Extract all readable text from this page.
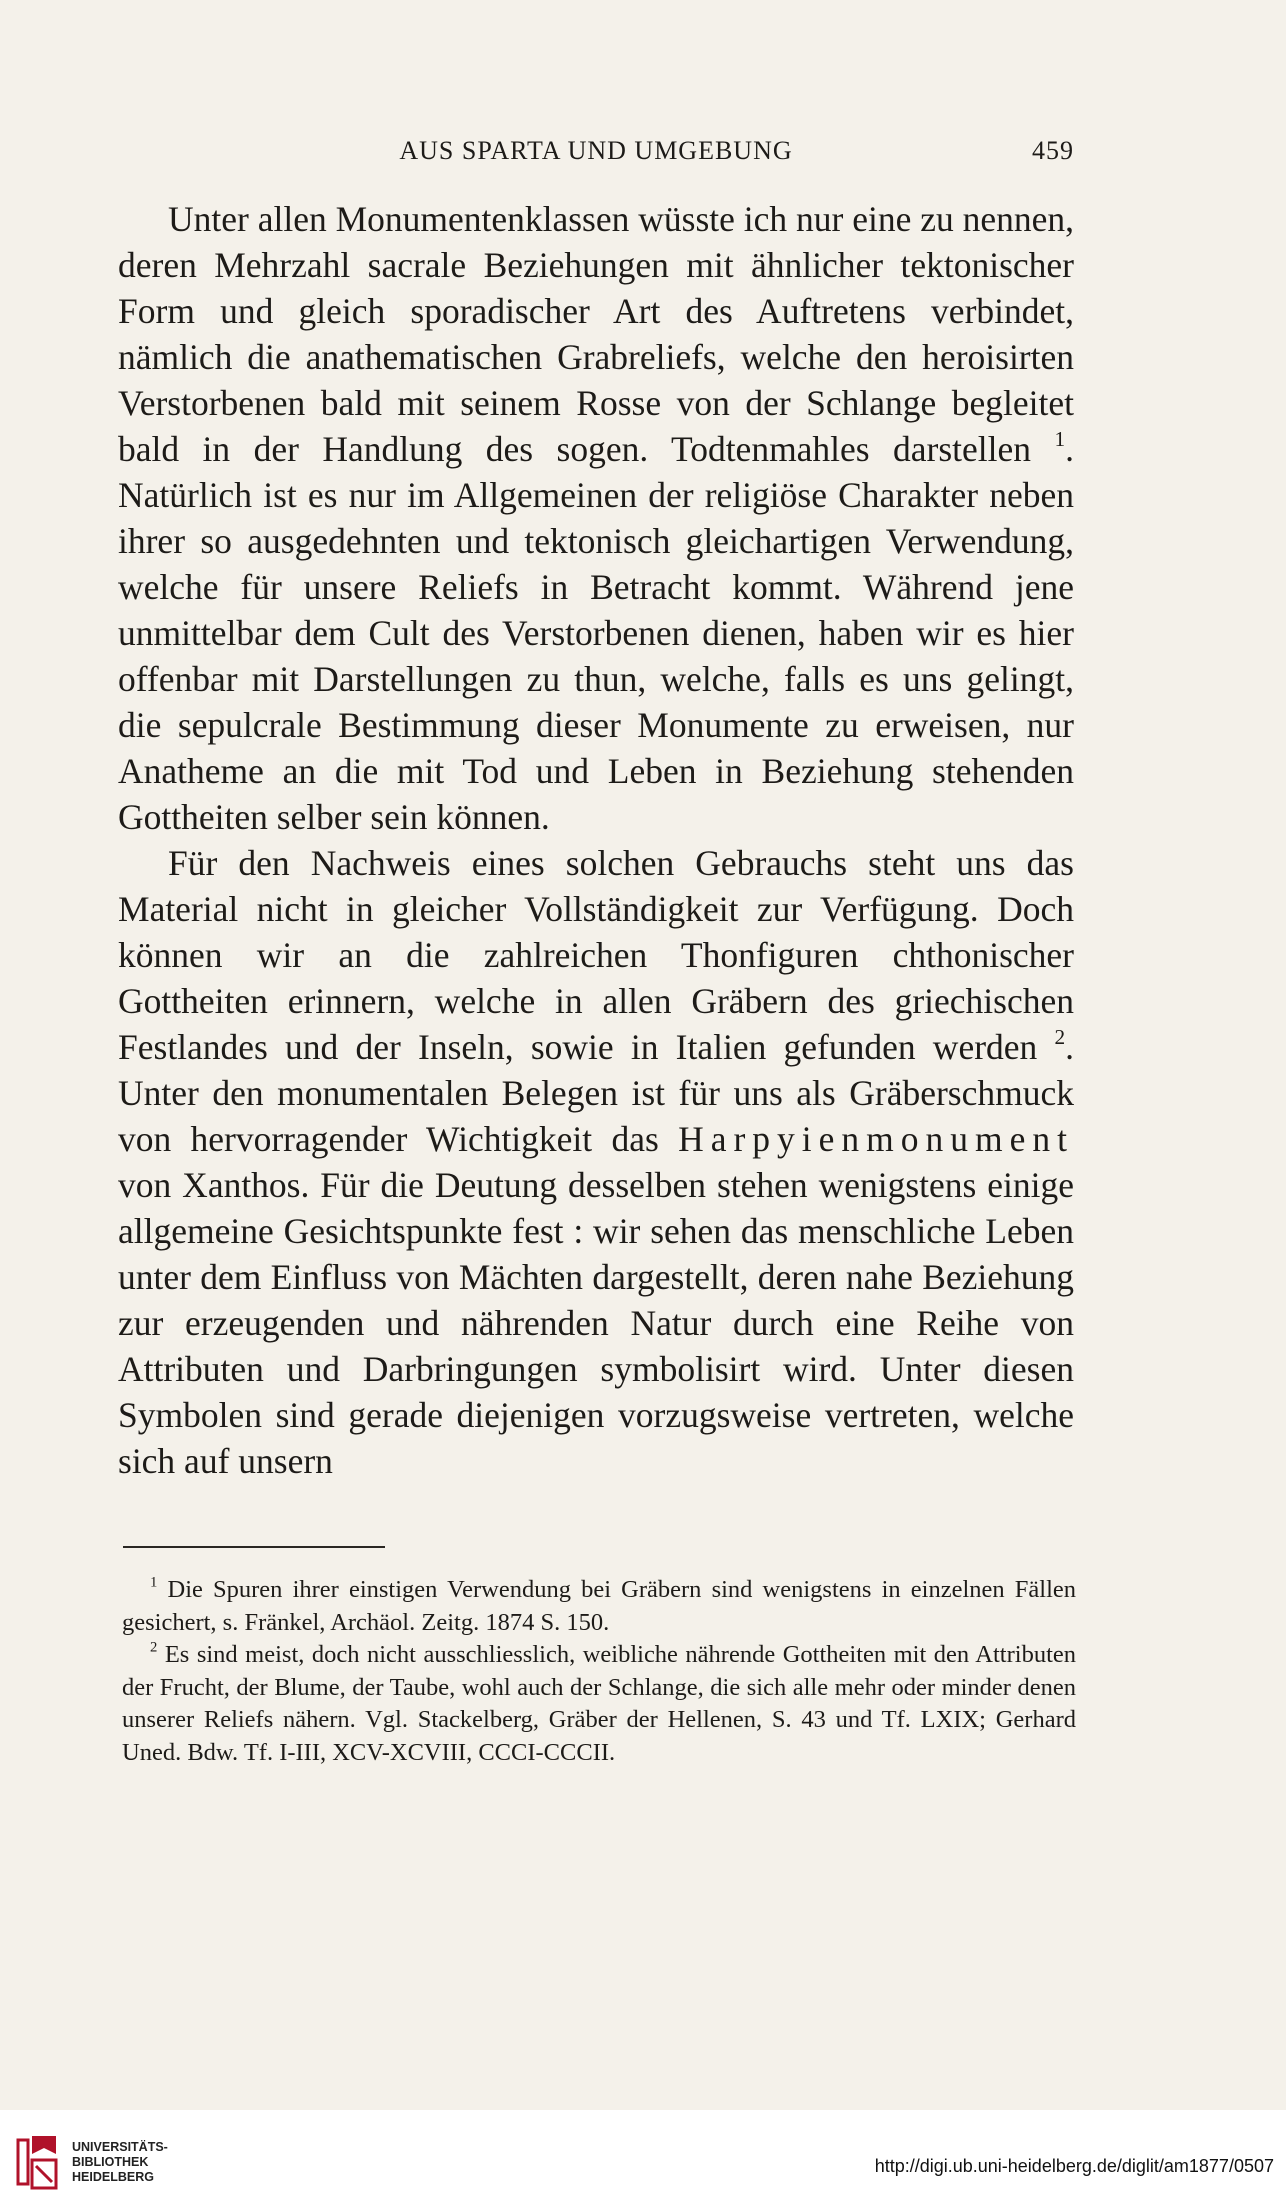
AUS SPARTA UND UMGEBUNG	459

Unter allen Monumentenklassen wüsste ich nur eine zu nennen, deren Mehrzahl sacrale Beziehungen mit ähnlicher tektonischer Form und gleich sporadischer Art des Auftretens verbindet, nämlich die anathematischen Grabreliefs, welche den heroisirten Verstorbenen bald mit seinem Rosse von der Schlange begleitet bald in der Handlung des sogen. Todtenmahles darstellen $^1$. Natürlich ist es nur im Allgemeinen der religiöse Charakter neben ihrer so ausgedehnten und tektonisch gleichartigen Verwendung, welche für unsere Reliefs in Betracht kommt. Während jene unmittelbar dem Cult des Verstorbenen dienen, haben wir es hier offenbar mit Darstellungen zu thun, welche, falls es uns gelingt, die sepulcrale Bestimmung dieser Monumente zu erweisen, nur Anatheme an die mit Tod und Leben in Beziehung stehenden Gottheiten selber sein können.

Für den Nachweis eines solchen Gebrauchs steht uns das Material nicht in gleicher Vollständigkeit zur Verfügung. Doch können wir an die zahlreichen Thonfiguren chthonischer Gottheiten erinnern, welche in allen Gräbern des griechischen Festlandes und der Inseln, sowie in Italien gefunden werden $^2$. Unter den monumentalen Belegen ist für uns als Gräberschmuck von hervorragender Wichtigkeit das Harpyienmonument von Xanthos. Für die Deutung desselben stehen wenigstens einige allgemeine Gesichtspunkte fest : wir sehen das menschliche Leben unter dem Einfluss von Mächten dargestellt, deren nahe Beziehung zur erzeugenden und nährenden Natur durch eine Reihe von Attributen und Darbringungen symbolisirt wird. Unter diesen Symbolen sind gerade diejenigen vorzugsweise vertreten, welche sich auf unsern

$^1$ Die Spuren ihrer einstigen Verwendung bei Gräbern sind wenigstens in einzelnen Fällen gesichert, s. Fränkel, Archäol. Zeitg. 1874 S. 150.

$^2$ Es sind meist, doch nicht ausschliesslich, weibliche nährende Gottheiten mit den Attributen der Frucht, der Blume, der Taube, wohl auch der Schlange, die sich alle mehr oder minder denen unserer Reliefs nähern. Vgl. Stackelberg, Gräber der Hellenen, S. 43 und Tf. LXIX; Gerhard Uned. Bdw. Tf. I-III, XCV-XCVIII, CCCI-CCCII.

UNIVERSITÄTS-
BIBLIOTHEK
HEIDELBERG
http://digi.ub.uni-heidelberg.de/diglit/am1877/0507
